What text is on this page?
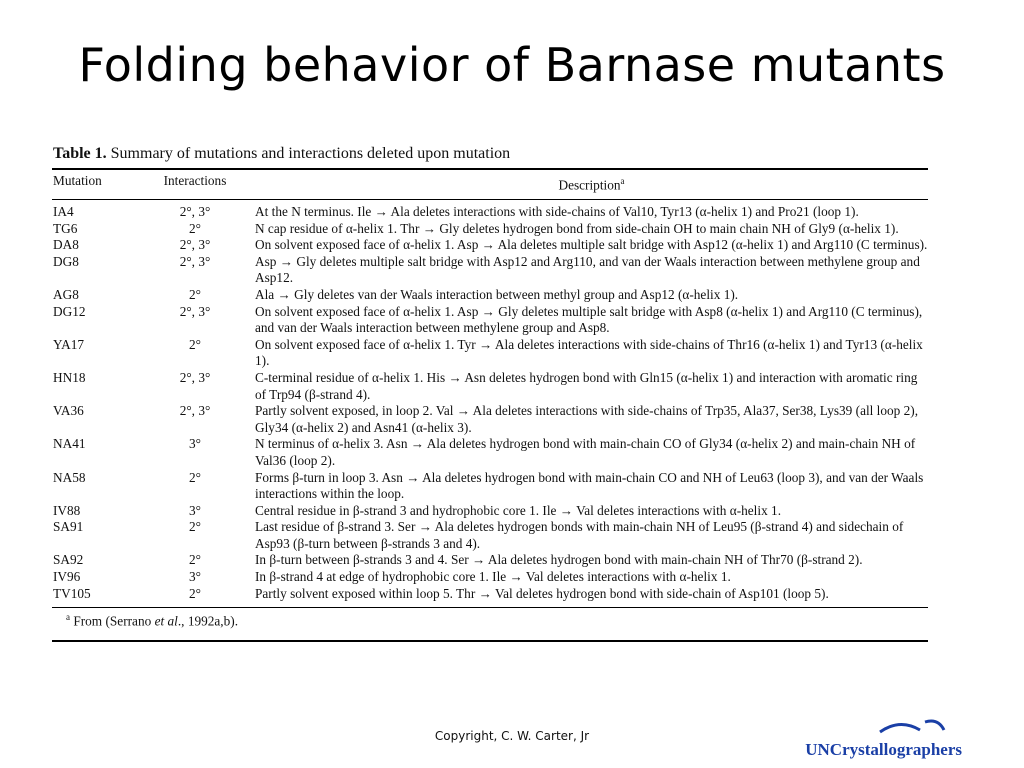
Folding behavior of Barnase mutants
Table 1. Summary of mutations and interactions deleted upon mutation
Mutation	Interactions	Description$^a$
IA4	2°, 3°	At the N terminus. Ile → Ala deletes interactions with side-chains of Val10, Tyr13 (α-helix 1) and Pro21 (loop 1).
TG6	2°	N cap residue of α-helix 1. Thr → Gly deletes hydrogen bond from side-chain OH to main chain NH of Gly9 (α-helix 1).
DA8	2°, 3°	On solvent exposed face of α-helix 1. Asp → Ala deletes multiple salt bridge with Asp12 (α-helix 1) and Arg110 (C terminus).
DG8	2°, 3°	Asp → Gly deletes multiple salt bridge with Asp12 and Arg110, and van der Waals interaction between methylene group and Asp12.
AG8	2°	Ala → Gly deletes van der Waals interaction between methyl group and Asp12 (α-helix 1).
DG12	2°, 3°	On solvent exposed face of α-helix 1. Asp → Gly deletes multiple salt bridge with Asp8 (α-helix 1) and Arg110 (C terminus), and van der Waals interaction between methylene group and Asp8.
YA17	2°	On solvent exposed face of α-helix 1. Tyr → Ala deletes interactions with side-chains of Thr16 (α-helix 1) and Tyr13 (α-helix 1).
HN18	2°, 3°	C-terminal residue of α-helix 1. His → Asn deletes hydrogen bond with Gln15 (α-helix 1) and interaction with aromatic ring of Trp94 (β-strand 4).
VA36	2°, 3°	Partly solvent exposed, in loop 2. Val → Ala deletes interactions with side-chains of Trp35, Ala37, Ser38, Lys39 (all loop 2), Gly34 (α-helix 2) and Asn41 (α-helix 3).
NA41	3°	N terminus of α-helix 3. Asn → Ala deletes hydrogen bond with main-chain CO of Gly34 (α-helix 2) and main-chain NH of Val36 (loop 2).
NA58	2°	Forms β-turn in loop 3. Asn → Ala deletes hydrogen bond with main-chain CO and NH of Leu63 (loop 3), and van der Waals interactions within the loop.
IV88	3°	Central residue in β-strand 3 and hydrophobic core 1. Ile → Val deletes interactions with α-helix 1.
SA91	2°	Last residue of β-strand 3. Ser → Ala deletes hydrogen bonds with main-chain NH of Leu95 (β-strand 4) and sidechain of Asp93 (β-turn between β-strands 3 and 4).
SA92	2°	In β-turn between β-strands 3 and 4. Ser → Ala deletes hydrogen bond with main-chain NH of Thr70 (β-strand 2).
IV96	3°	In β-strand 4 at edge of hydrophobic core 1. Ile → Val deletes interactions with α-helix 1.
TV105	2°	Partly solvent exposed within loop 5. Thr → Val deletes hydrogen bond with side-chain of Asp101 (loop 5).
$^a$ From (Serrano et al., 1992a,b).
Copyright, C. W. Carter, Jr
UNCrystallographers
